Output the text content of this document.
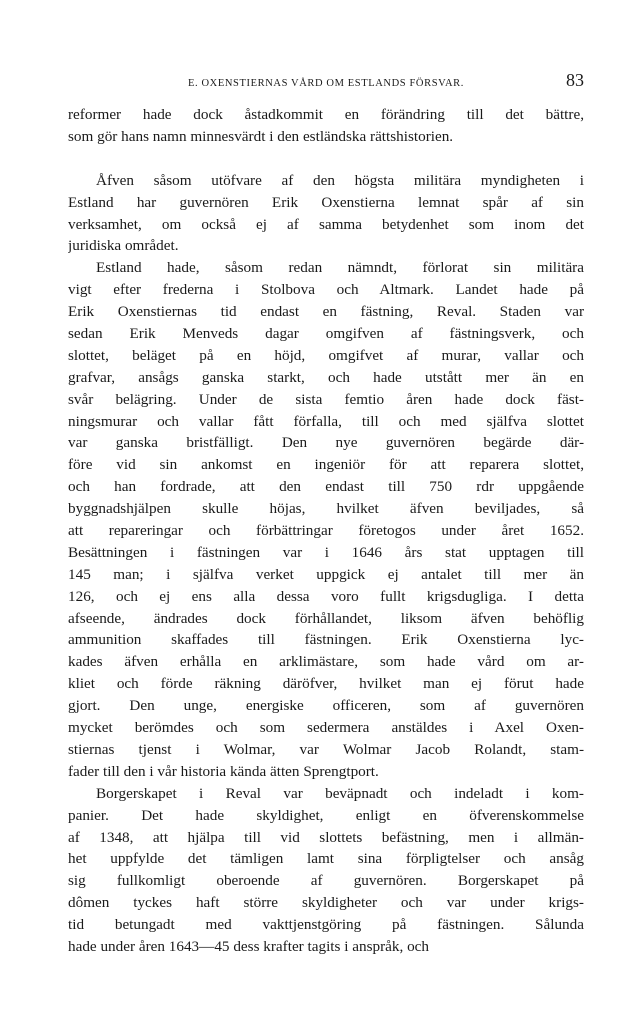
E. OXENSTIERNAS VÅRD OM ESTLANDS FÖRSVAR.	83
reformer hade dock åstadkommit en förändring till det bättre,
som gör hans namn minnesvärdt i den estländska rättshistorien.
Åfven såsom utöfvare af den högsta militära myndigheten i
Estland har guvernören Erik Oxenstierna lemnat spår af sin
verksamhet, om också ej af samma betydenhet som inom det
juridiska området.
Estland hade, såsom redan nämndt, förlorat sin militära
vigt efter frederna i Stolbova och Altmark. Landet hade på
Erik Oxenstiernas tid endast en fästning, Reval. Staden var
sedan Erik Menveds dagar omgifven af fästningsverk, och
slottet, beläget på en höjd, omgifvet af murar, vallar och
grafvar, ansågs ganska starkt, och hade utstått mer än en
svår belägring. Under de sista femtio åren hade dock fäst-
ningsmurar och vallar fått förfalla, till och med själfva slottet
var ganska bristfälligt. Den nye guvernören begärde där-
före vid sin ankomst en ingeniör för att reparera slottet,
och han fordrade, att den endast till 750 rdr uppgående
byggnadshjälpen skulle höjas, hvilket äfven beviljades, så
att repareringar och förbättringar företogos under året 1652.
Besättningen i fästningen var i 1646 års stat upptagen till
145 man; i själfva verket uppgick ej antalet till mer än
126, och ej ens alla dessa voro fullt krigsdugliga. I detta
afseende, ändrades dock förhållandet, liksom äfven behöflig
ammunition skaffades till fästningen. Erik Oxenstierna lyc-
kades äfven erhålla en arklimästare, som hade vård om ar-
kliet och förde räkning däröfver, hvilket man ej förut hade
gjort. Den unge, energiske officeren, som af guvernören
mycket berömdes och som sedermera anstäldes i Axel Oxen-
stiernas tjenst i Wolmar, var Wolmar Jacob Rolandt, stam-
fader till den i vår historia kända ätten Sprengtport.
Borgerskapet i Reval var beväpnadt och indeladt i kom-
panier. Det hade skyldighet, enligt en öfverenskommelse
af 1348, att hjälpa till vid slottets befästning, men i allmän-
het uppfylde det tämligen lamt sina förpligtelser och ansåg
sig fullkomligt oberoende af guvernören. Borgerskapet på
dômen tyckes haft större skyldigheter och var under krigs-
tid betungadt med vakttjenstgöring på fästningen. Sålunda
hade under åren 1643—45 dess krafter tagits i anspråk, och
